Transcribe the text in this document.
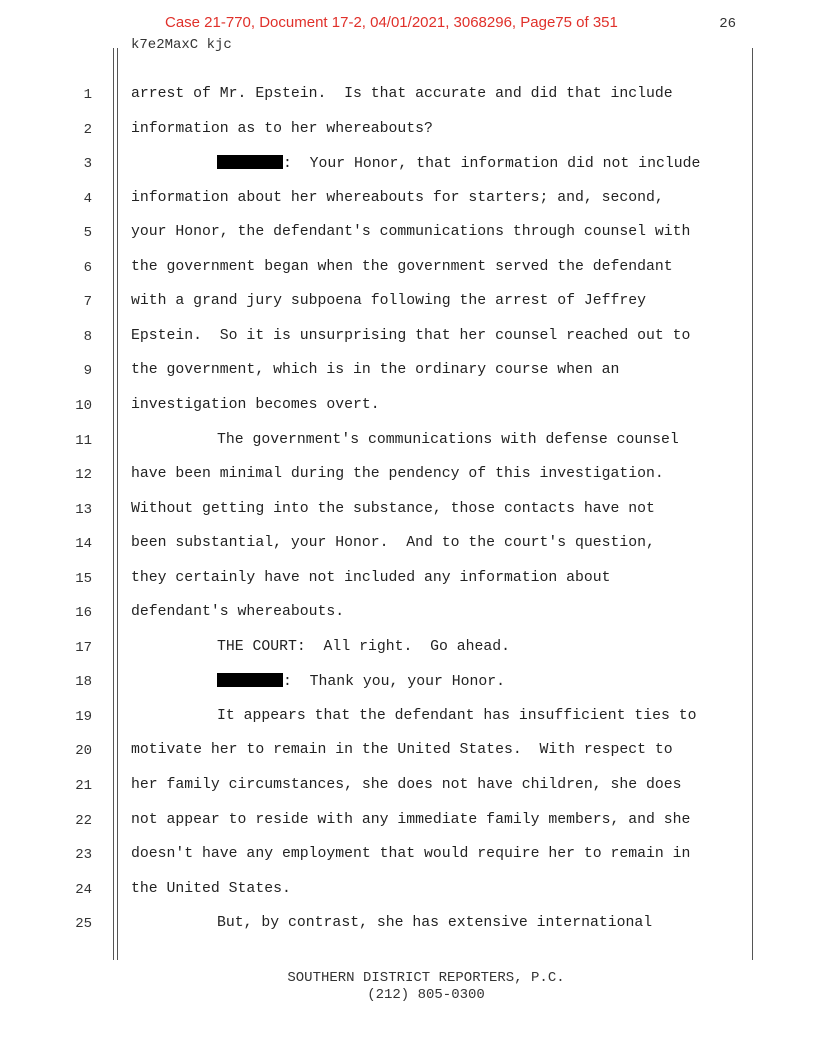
Case 21-770, Document 17-2, 04/01/2021, 3068296, Page75 of 351	26
k7e2MaxC kjc
1	arrest of Mr. Epstein.  Is that accurate and did that include
2	information as to her whereabouts?
3	:  Your Honor, that information did not include
4	information about her whereabouts for starters; and, second,
5	your Honor, the defendant's communications through counsel with
6	the government began when the government served the defendant
7	with a grand jury subpoena following the arrest of Jeffrey
8	Epstein.  So it is unsurprising that her counsel reached out to
9	the government, which is in the ordinary course when an
10	investigation becomes overt.
11	The government's communications with defense counsel
12	have been minimal during the pendency of this investigation.
13	Without getting into the substance, those contacts have not
14	been substantial, your Honor.  And to the court's question,
15	they certainly have not included any information about
16	defendant's whereabouts.
17	THE COURT:  All right.  Go ahead.
18	:  Thank you, your Honor.
19	It appears that the defendant has insufficient ties to
20	motivate her to remain in the United States.  With respect to
21	her family circumstances, she does not have children, she does
22	not appear to reside with any immediate family members, and she
23	doesn't have any employment that would require her to remain in
24	the United States.
25	But, by contrast, she has extensive international
SOUTHERN DISTRICT REPORTERS, P.C.
(212) 805-0300
